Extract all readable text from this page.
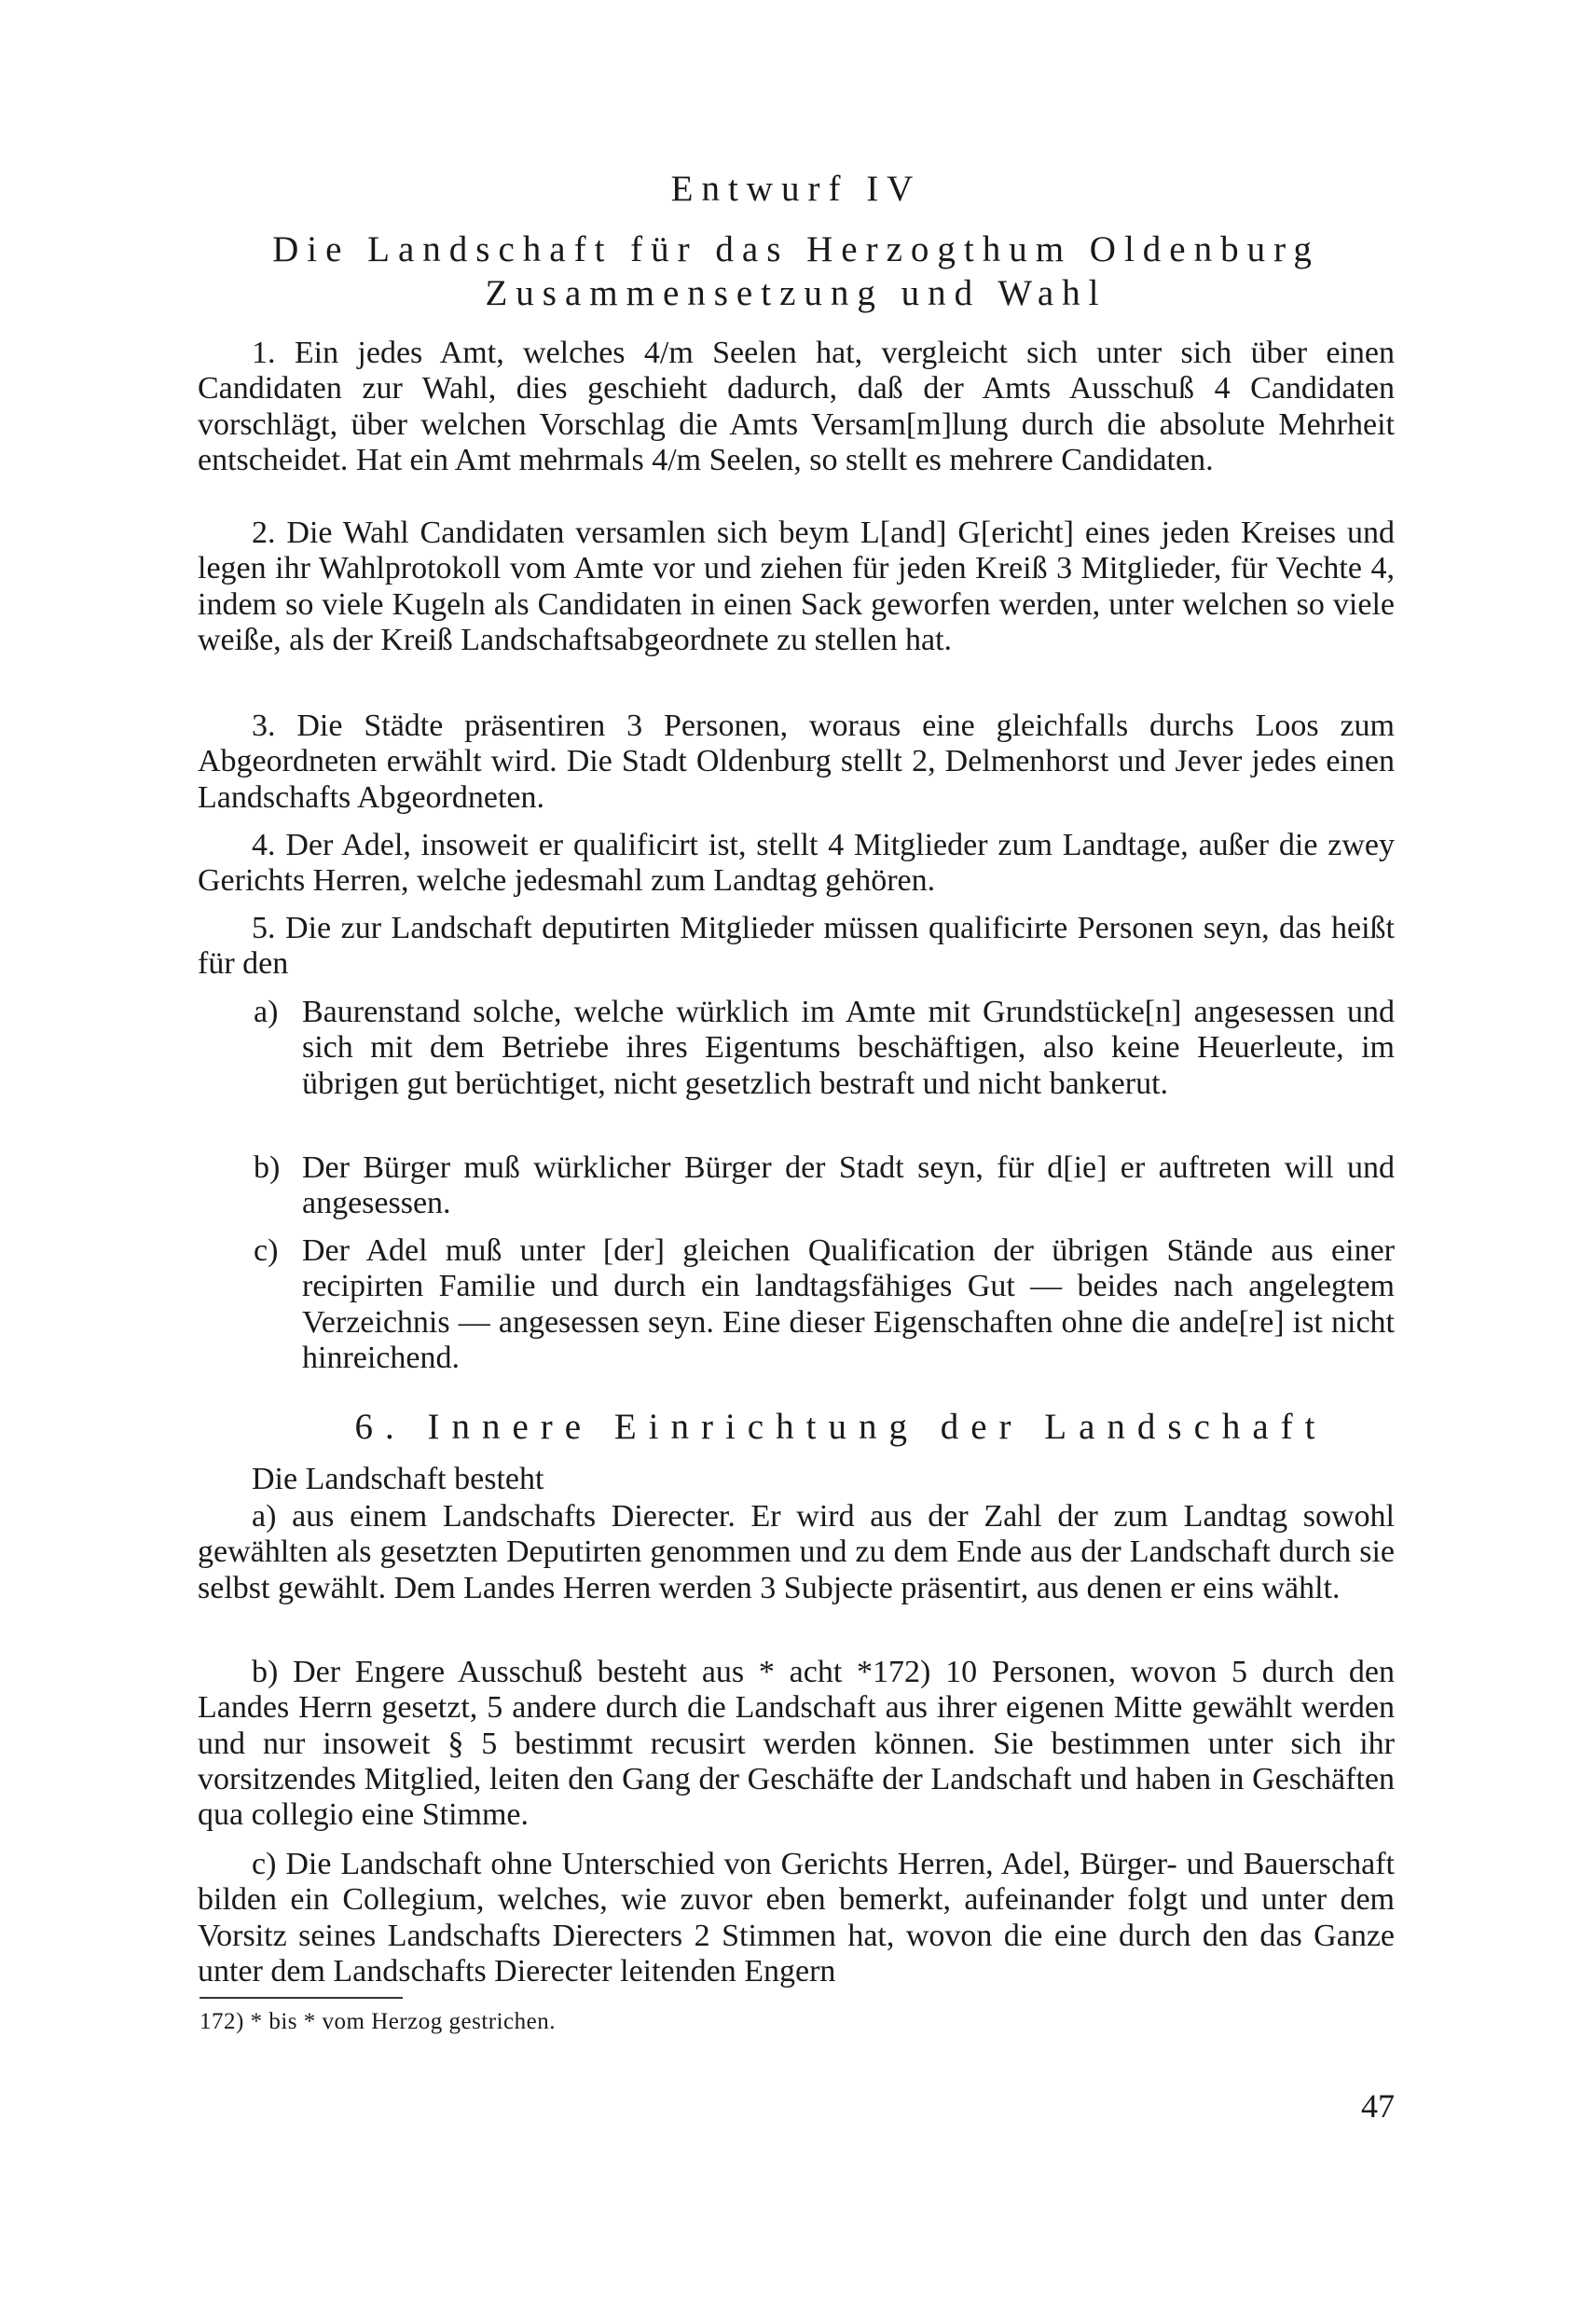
Entwurf IV
Die Landschaft für das Herzogthum Oldenburg
Zusammensetzung und Wahl
1. Ein jedes Amt, welches 4/m Seelen hat, vergleicht sich unter sich über einen Candidaten zur Wahl, dies geschieht dadurch, daß der Amts Ausschuß 4 Candidaten vorschlägt, über welchen Vorschlag die Amts Versam[m]lung durch die absolute Mehrheit entscheidet. Hat ein Amt mehrmals 4/m Seelen, so stellt es mehrere Candidaten.
2. Die Wahl Candidaten versamlen sich beym L[and] G[ericht] eines jeden Kreises und legen ihr Wahlprotokoll vom Amte vor und ziehen für jeden Kreiß 3 Mitglieder, für Vechte 4, indem so viele Kugeln als Candidaten in einen Sack geworfen werden, unter welchen so viele weiße, als der Kreiß Landschaftsabgeordnete zu stellen hat.
3. Die Städte präsentiren 3 Personen, woraus eine gleichfalls durchs Loos zum Abgeordneten erwählt wird. Die Stadt Oldenburg stellt 2, Delmenhorst und Jever jedes einen Landschafts Abgeordneten.
4. Der Adel, insoweit er qualificirt ist, stellt 4 Mitglieder zum Landtage, außer die zwey Gerichts Herren, welche jedesmahl zum Landtag gehören.
5. Die zur Landschaft deputirten Mitglieder müssen qualificirte Personen seyn, das heißt für den
a) Baurenstand solche, welche würklich im Amte mit Grundstücke[n] angesessen und sich mit dem Betriebe ihres Eigentums beschäftigen, also keine Heuerleute, im übrigen gut berüchtiget, nicht gesetzlich bestraft und nicht bankerut.
b) Der Bürger muß würklicher Bürger der Stadt seyn, für d[ie] er auftreten will und angesessen.
c) Der Adel muß unter [der] gleichen Qualification der übrigen Stände aus einer recipirten Familie und durch ein landtagsfähiges Gut — beides nach angelegtem Verzeichnis — angesessen seyn. Eine dieser Eigenschaften ohne die ande[re] ist nicht hinreichend.
6. Innere Einrichtung der Landschaft
Die Landschaft besteht
a) aus einem Landschafts Dierecter. Er wird aus der Zahl der zum Landtag sowohl gewählten als gesetzten Deputirten genommen und zu dem Ende aus der Landschaft durch sie selbst gewählt. Dem Landes Herren werden 3 Subjecte präsentirt, aus denen er eins wählt.
b) Der Engere Ausschuß besteht aus * acht *172) 10 Personen, wovon 5 durch den Landes Herrn gesetzt, 5 andere durch die Landschaft aus ihrer eigenen Mitte gewählt werden und nur insoweit § 5 bestimmt recusirt werden können. Sie bestimmen unter sich ihr vorsitzendes Mitglied, leiten den Gang der Geschäfte der Landschaft und haben in Geschäften qua collegio eine Stimme.
c) Die Landschaft ohne Unterschied von Gerichts Herren, Adel, Bürger- und Bauerschaft bilden ein Collegium, welches, wie zuvor eben bemerkt, aufeinander folgt und unter dem Vorsitz seines Landschafts Dierecters 2 Stimmen hat, wovon die eine durch den das Ganze unter dem Landschafts Dierecter leitenden Engern
172) * bis * vom Herzog gestrichen.
47
